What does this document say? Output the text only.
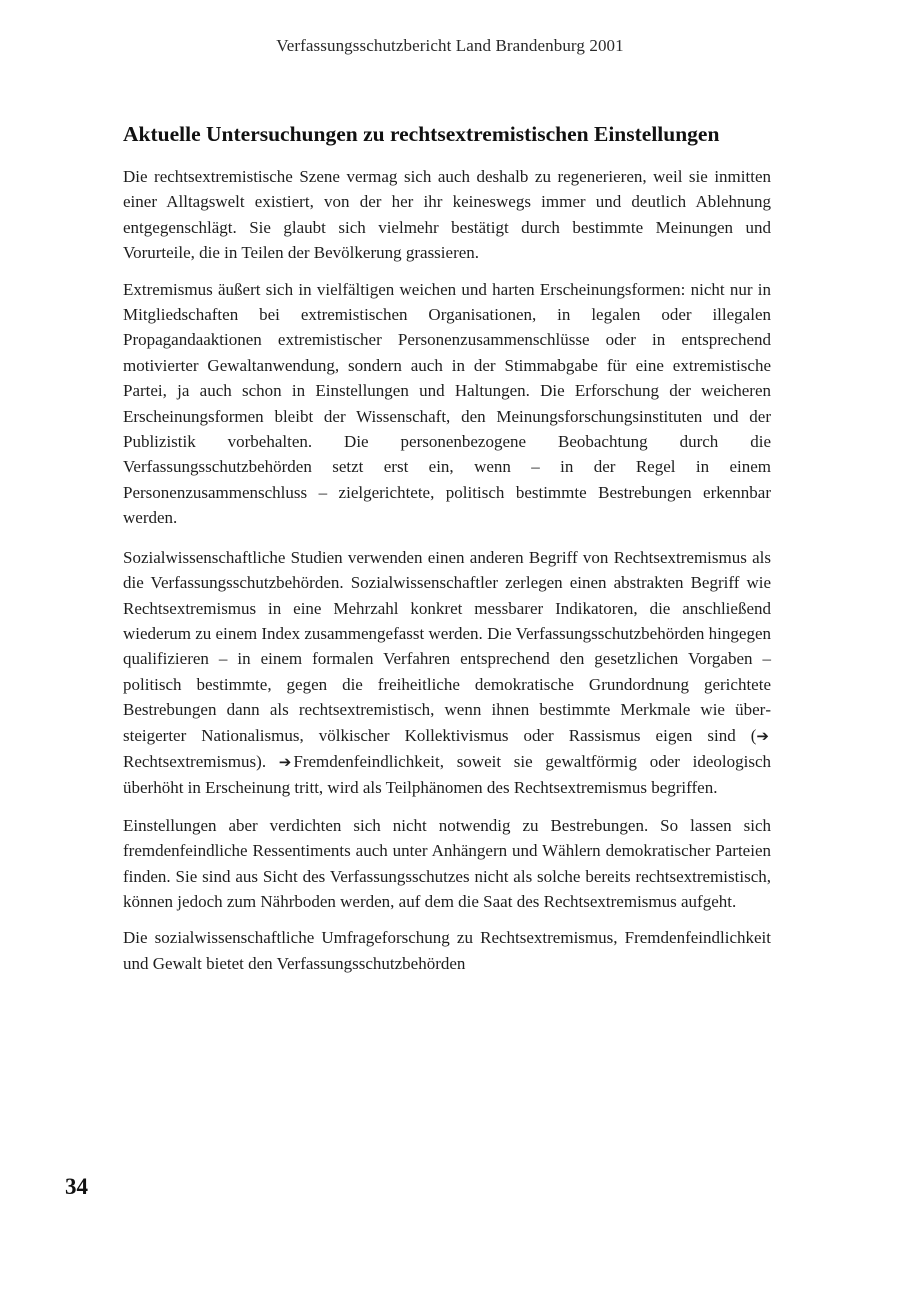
Verfassungsschutzbericht Land Brandenburg 2001
Aktuelle Untersuchungen zu rechtsextremistischen Einstellungen

Die rechtsextremistische Szene vermag sich auch deshalb zu regenerieren, weil sie inmitten einer Alltagswelt existiert, von der her ihr keineswegs immer und deutlich Ablehnung entgegenschlägt. Sie glaubt sich vielmehr bestätigt durch bestimmte Meinungen und Vorurteile, die in Teilen der Bevölkerung grassieren.

Extremismus äußert sich in vielfältigen weichen und harten Erscheinungsformen: nicht nur in Mitgliedschaften bei extremistischen Organisationen, in legalen oder illegalen Propagandaaktionen extremistischer Personenzusammenschlüsse oder in entsprechend motivierter Gewaltanwendung, sondern auch in der Stimmabgabe für eine extremistische Partei, ja auch schon in Einstellungen und Haltungen. Die Erforschung der weicheren Erscheinungsformen bleibt der Wissenschaft, den Meinungsforschungsinstituten und der Publizistik vorbehalten. Die personenbezogene Beobachtung durch die Verfassungsschutzbehörden setzt erst ein, wenn – in der Regel in einem Personenzusammenschluss – zielgerichtete, politisch bestimmte Bestrebungen erkennbar werden.

Sozialwissenschaftliche Studien verwenden einen anderen Begriff von Rechtsextremismus als die Verfassungsschutzbehörden. Sozialwissenschaftler zerlegen einen abstrakten Begriff wie Rechtsextremismus in eine Mehrzahl konkret messbarer Indikatoren, die anschließend wiederum zu einem Index zusammengefasst werden. Die Verfassungsschutzbehörden hingegen qualifizieren – in einem formalen Verfahren entsprechend den gesetzlichen Vorgaben – politisch bestimmte, gegen die freiheitliche demokratische Grundordnung gerichtete Bestrebungen dann als rechtsextremistisch, wenn ihnen bestimmte Merkmale wie übersteigerter Nationalismus, völkischer Kollektivismus oder Rassismus eigen sind (➔Rechtsextremismus). ➔ Fremdenfeindlichkeit, soweit sie gewaltförmig oder ideologisch überhöht in Erscheinung tritt, wird als Teilphänomen des Rechtsextremismus begriffen.

Einstellungen aber verdichten sich nicht notwendig zu Bestrebungen. So lassen sich fremdenfeindliche Ressentiments auch unter Anhängern und Wählern demokratischer Parteien finden. Sie sind aus Sicht des Verfassungsschutzes nicht als solche bereits rechtsextremistisch, können jedoch zum Nährboden werden, auf dem die Saat des Rechtsextremismus aufgeht.

Die sozialwissenschaftliche Umfrageforschung zu Rechtsextremismus, Fremdenfeindlichkeit und Gewalt bietet den Verfassungsschutzbehörden

34
